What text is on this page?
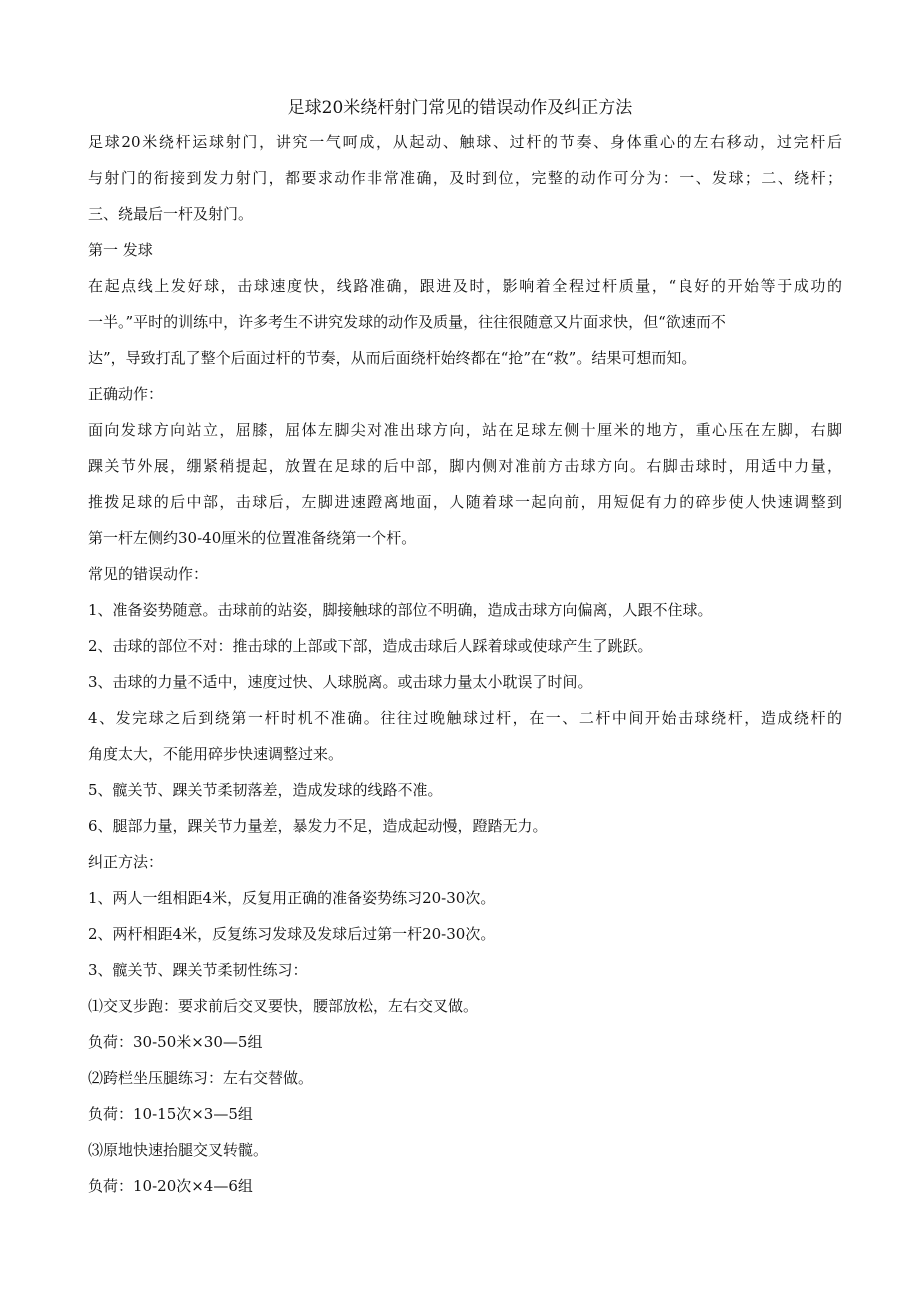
足球20米绕杆射门常见的错误动作及纠正方法
足球20米绕杆运球射门，讲究一气呵成，从起动、触球、过杆的节奏、身体重心的左右移动，过完杆后
与射门的衔接到发力射门，都要求动作非常准确，及时到位，完整的动作可分为：一、发球；二、绕杆；
三、绕最后一杆及射门。
第一 发球
在起点线上发好球，击球速度快，线路准确，跟进及时，影响着全程过杆质量，“良好的开始等于成功的
一半。”平时的训练中，许多考生不讲究发球的动作及质量，往往很随意又片面求快，但“欲速而不
达”，导致打乱了整个后面过杆的节奏，从而后面绕杆始终都在“抢”在“救”。结果可想而知。
正确动作：
面向发球方向站立，屈膝，屈体左脚尖对准出球方向，站在足球左侧十厘米的地方，重心压在左脚，右脚
踝关节外展，绷紧稍提起，放置在足球的后中部，脚内侧对准前方击球方向。右脚击球时，用适中力量，
推拨足球的后中部，击球后，左脚进速蹬离地面，人随着球一起向前，用短促有力的碎步使人快速调整到
第一杆左侧约30-40厘米的位置准备绕第一个杆。
常见的错误动作：
1、准备姿势随意。击球前的站姿，脚接触球的部位不明确，造成击球方向偏离，人跟不住球。
2、击球的部位不对：推击球的上部或下部，造成击球后人踩着球或使球产生了跳跃。
3、击球的力量不适中，速度过快、人球脱离。或击球力量太小耽误了时间。
4、发完球之后到绕第一杆时机不准确。往往过晚触球过杆，在一、二杆中间开始击球绕杆，造成绕杆的
角度太大，不能用碎步快速调整过来。
5、髋关节、踝关节柔韧落差，造成发球的线路不准。
6、腿部力量，踝关节力量差，暴发力不足，造成起动慢，蹬踏无力。
纠正方法：
1、两人一组相距4米，反复用正确的准备姿势练习20-30次。
2、两杆相距4米，反复练习发球及发球后过第一杆20-30次。
3、髋关节、踝关节柔韧性练习：
⑴交叉步跑：要求前后交叉要快，腰部放松，左右交叉做。
负荷：30-50米×30—5组
⑵跨栏坐压腿练习：左右交替做。
负荷：10-15次×3—5组
⑶原地快速抬腿交叉转髋。
负荷：10-20次×4—6组
